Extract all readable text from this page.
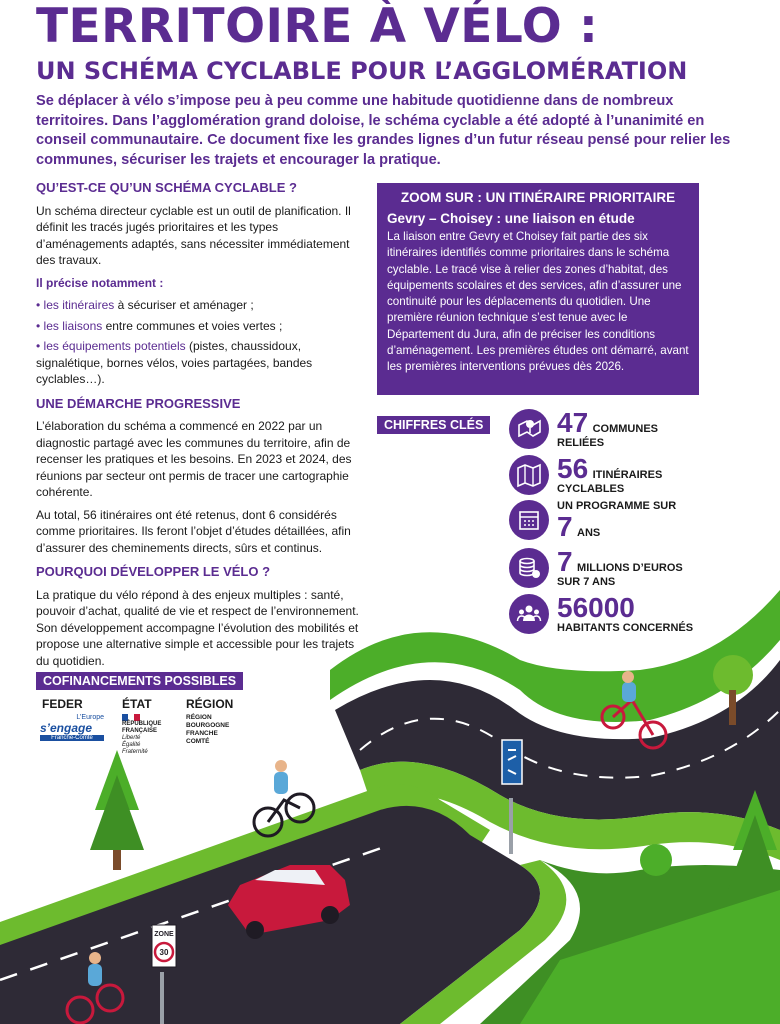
TERRITOIRE À VÉLO :
UN SCHÉMA CYCLABLE POUR L’AGGLOMÉRATION
Se déplacer à vélo s’impose peu à peu comme une habitude quotidienne dans de nombreux territoires. Dans l’agglomération grand doloise, le schéma cyclable a été adopté à l’unanimité en conseil communautaire. Ce document fixe les grandes lignes d’un futur réseau pensé pour relier les communes, sécuriser les trajets et encourager la pratique.
QU’EST-CE QU’UN SCHÉMA CYCLABLE ?

Un schéma directeur cyclable est un outil de planification. Il définit les tracés jugés prioritaires et les types d’aménagements adaptés, sans nécessiter immédiatement des travaux.

Il précise notamment :

• les itinéraires à sécuriser et aménager ;
• les liaisons entre communes et voies vertes ;
• les équipements potentiels (pistes, chaussidoux, signalétique, bornes vélos, voies partagées, bandes cyclables…).
UNE DÉMARCHE PROGRESSIVE

L’élaboration du schéma a commencé en 2022 par un diagnostic partagé avec les communes du territoire, afin de recenser les pratiques et les besoins. En 2023 et 2024, des réunions par secteur ont permis de tracer une cartographie cohérente.

Au total, 56 itinéraires ont été retenus, dont 6 considérés comme prioritaires. Ils feront l’objet d’études détaillées, afin d’assurer des cheminements directs, sûrs et continus.

POURQUOI DÉVELOPPER LE VÉLO ?

La pratique du vélo répond à des enjeux multiples : santé, pouvoir d’achat, qualité de vie et respect de l’environnement. Son développement accompagne l’évolution des mobilités et propose une alternative simple et accessible pour les trajets du quotidien.

ZOOM SUR : UN ITINÉRAIRE PRIORITAIRE
Gevry – Choisey : une liaison en étude
La liaison entre Gevry et Choisey fait partie des six itinéraires identifiés comme prioritaires dans le schéma cyclable. Le tracé vise à relier des zones d’habitat, des équipements scolaires et des services, afin d’assurer une continuité pour les déplacements du quotidien. Une première réunion technique s’est tenue avec le Département du Jura, afin de préciser les conditions d’aménagement. Les premières études ont démarré, avant les premières interventions prévues dès 2026.
CHIFFRES CLÉS	47 COMMUNES
RELIÉES
56 ITINÉRAIRES
CYCLABLES
UN PROGRAMME SUR
7 ANS
7 MILLIONS D’EUROS
SUR 7 ANS
56000
HABITANTS CONCERNÉS
ZONE
30
COFINANCEMENTS POSSIBLES
FEDER	ÉTAT	RÉGION
L’Europe
s’engage
Franche-Comté
RÉPUBLIQUE
FRANÇAISE
Liberté
Égalité
Fraternité
RÉGION
BOURGOGNE
FRANCHE
COMTÉ
